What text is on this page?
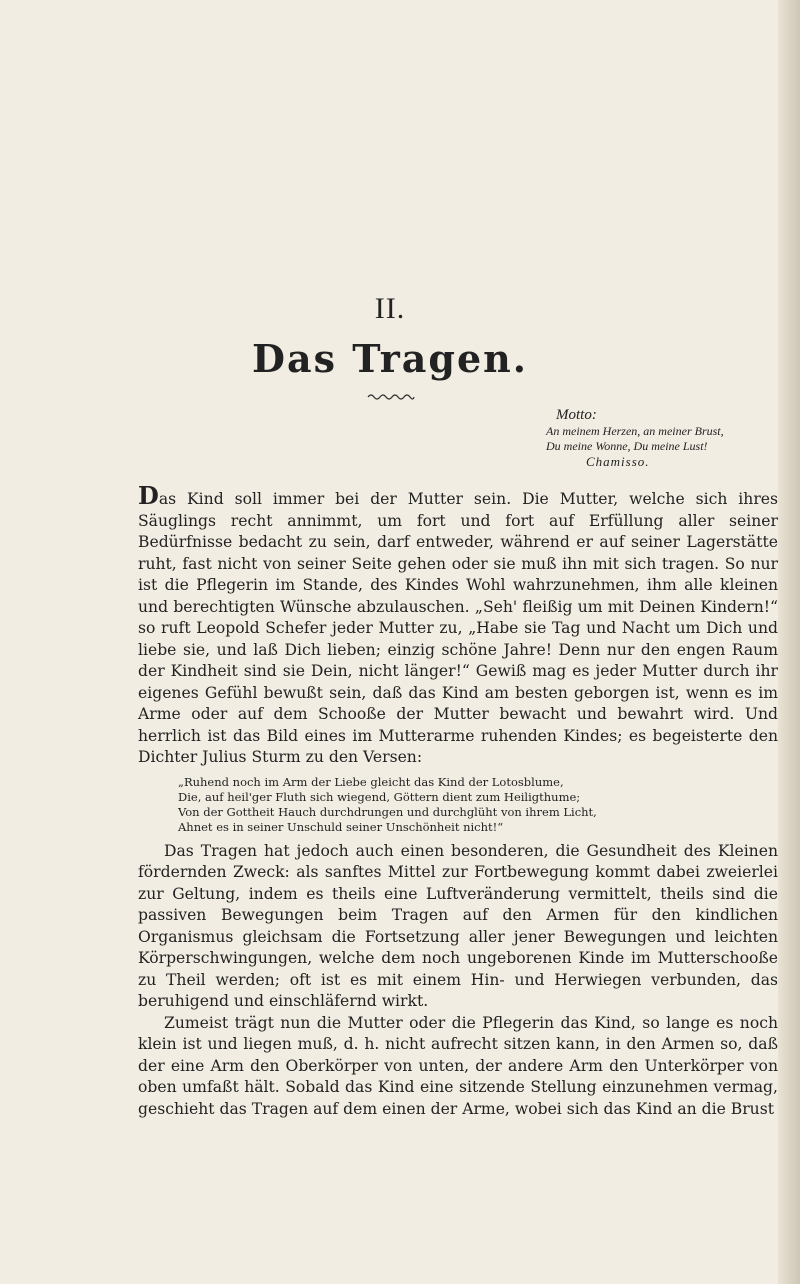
II.
Das Tragen.
Motto:
An meinem Herzen, an meiner Brust,
Du meine Wonne, Du meine Lust!
Chamisso.

Das Kind soll immer bei der Mutter sein. Die Mutter, welche sich ihres Säuglings recht annimmt, um fort und fort auf Erfüllung aller seiner Bedürfnisse bedacht zu sein, darf entweder, während er auf seiner Lagerstätte ruht, fast nicht von seiner Seite gehen oder sie muß ihn mit sich tragen. So nur ist die Pflegerin im Stande, des Kindes Wohl wahrzunehmen, ihm alle kleinen und berechtigten Wünsche abzulauschen. „Seh' fleißig um mit Deinen Kindern!“ so ruft Leopold Schefer jeder Mutter zu, „Habe sie Tag und Nacht um Dich und liebe sie, und laß Dich lieben; einzig schöne Jahre! Denn nur den engen Raum der Kindheit sind sie Dein, nicht länger!“ Gewiß mag es jeder Mutter durch ihr eigenes Gefühl bewußt sein, daß das Kind am besten geborgen ist, wenn es im Arme oder auf dem Schooße der Mutter bewacht und bewahrt wird. Und herrlich ist das Bild eines im Mutterarme ruhenden Kindes; es begeisterte den Dichter Julius Sturm zu den Versen:

„Ruhend noch im Arm der Liebe gleicht das Kind der Lotosblume,
Die, auf heil'ger Fluth sich wiegend, Göttern dient zum Heiligthume;
Von der Gottheit Hauch durchdrungen und durchglüht von ihrem Licht,
Ahnet es in seiner Unschuld seiner Unschönheit nicht!“

Das Tragen hat jedoch auch einen besonderen, die Gesundheit des Kleinen fördernden Zweck: als sanftes Mittel zur Fortbewegung kommt dabei zweierlei zur Geltung, indem es theils eine Luftveränderung vermittelt, theils sind die passiven Bewegungen beim Tragen auf den Armen für den kindlichen Organismus gleichsam die Fortsetzung aller jener Bewegungen und leichten Körperschwingungen, welche dem noch ungeborenen Kinde im Mutterschooße zu Theil werden; oft ist es mit einem Hin- und Herwiegen verbunden, das beruhigend und einschläfernd wirkt.

Zumeist trägt nun die Mutter oder die Pflegerin das Kind, so lange es noch klein ist und liegen muß, d. h. nicht aufrecht sitzen kann, in den Armen so, daß der eine Arm den Oberkörper von unten, der andere Arm den Unterkörper von oben umfaßt hält. Sobald das Kind eine sitzende Stellung einzunehmen vermag, geschieht das Tragen auf dem einen der Arme, wobei sich das Kind an die Brust
